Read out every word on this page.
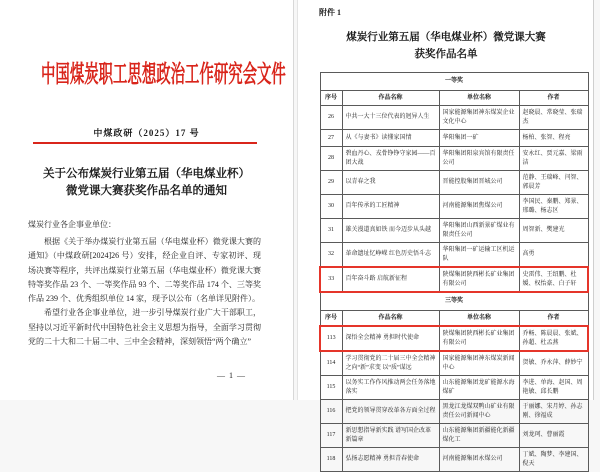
中国煤炭职工思想政治工作研究会文件
中煤政研（2025）17 号
关于公布煤炭行业第五届（华电煤业杯）
微党课大赛获奖作品名单的通知
煤炭行业各企事业单位：

根据《关于举办煤炭行业第五届（华电煤业杯）微党课大赛的通知》（中煤政研[2024]26 号）安排，经企业自评、专家初评、现场决赛等程序，共评出煤炭行业第五届（华电煤业杯）微党课大赛特等奖作品 23 个、一等奖作品 93 个、二等奖作品 174 个、三等奖作品 239 个、优秀组织单位 14 家，现予以公布（名单详见附件）。

希望行业各企事业单位，进一步引导煤炭行业广大干部职工，坚持以习近平新时代中国特色社会主义思想为指导，全面学习贯彻党的二十大和二十届二中、三中全会精神，深刻领悟“两个确立”

— 1 —
附件 1
煤炭行业第五届（华电煤业杯）微党课大赛
获奖作品名单
一等奖			
序号	作品名称	单位名称	作者
26	中共一大十三位代表的迥异人生	国家能源集团神东煤炭企业文化中心	赵晓晨、常晓莹、张瑞杰
27	从《与妻书》读懂家国情	华阳集团一矿	杨柏、张智、程亮
28	碧血丹心、戎骨铮铮守家园——百团大战	华阳集团阳泉宾馆有限责任公司	安永红、贾元嘉、梁雨洁
29	以青春之我	晋能控股集团晋城公司	范静、王瑞峰、闫智、郭晨芳
30	百年传承的工匠精神	河南能源集团焦煤公司	李国民、秦鹏、郑景、邢璐、杨志区
31	雄关漫道真如铁 而今迈步从头越	华阳集团山西新景矿煤业有限责任公司	周智新、樊建光
32	革命遗址忆峥嵘 红色历史悟斗志	华阳集团一矿运输工区机运队	高勇
33	百年奋斗路 启航新征程	陕煤集团陕西彬长矿业集团有限公司	史雷伟、王绍鹏、杜媛、权怡豪、白子轩
三等奖			
序号	作品名称	单位名称	作者
113	深悟全会精神 勇担时代使命	陕煤集团陕西彬长矿业集团有限公司	乔畅、陈晨晨、张斌、孙超、杜孟燕
114	学习贯彻党的二十届三中全会精神之向“新”求变 以“质”谋远	国家能源集团神东煤炭新闻中心	贺敏、乔永萍、薛妙宁
115	以务实工作作风推动两会任务落地落实	山东能源集团龙矿能源水海煤矿	李进、单海、赵国、周艳敏、邱长鹏
116	把党的领导贯穿改革各方面全过程	黑龙江龙煤双鸭山矿业有限责任公司新闻中心	于丽娜、宋月婷、孙志刚、徐福成
117	新思想指导新实践 谱写国企改革新篇章	山东能源集团新疆能化新疆煤化工	刘龙珂、曹丽霞
118	弘扬志愿精神 勇担青春使命	河南能源集团永煤公司	丁斌、陶梦、李建国、倪天
